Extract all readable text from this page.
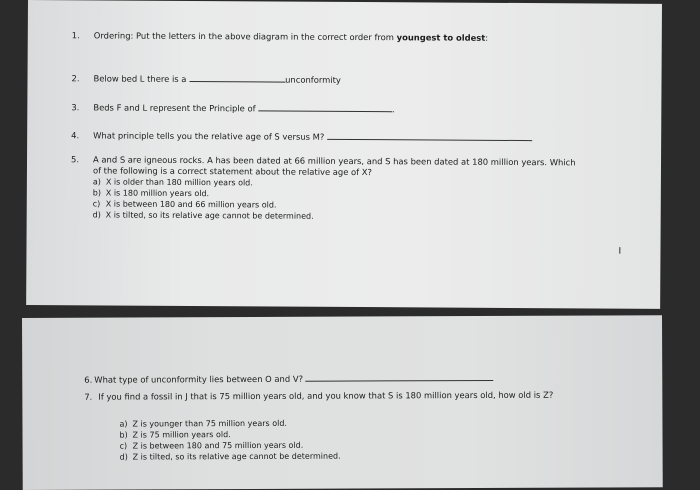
1. Ordering: Put the letters in the above diagram in the correct order from youngest to oldest:
2. Below bed L there is a	unconformity
3. Beds F and L represent the Principle of	.
4. What principle tells you the relative age of S versus M?
5. A and S are igneous rocks. A has been dated at 66 million years, and S has been dated at 180 million years. Which
of the following is a correct statement about the relative age of X?
a) X is older than 180 million years old.
b) X is 180 million years old.
c) X is between 180 and 66 million years old.
d) X is tilted, so its relative age cannot be determined.
I
6. What type of unconformity lies between O and V?
7. If you find a fossil in J that is 75 million years old, and you know that S is 180 million years old, how old is Z?
a) Z is younger than 75 million years old.
b) Z is 75 million years old.
c) Z is between 180 and 75 million years old.
d) Z is tilted, so its relative age cannot be determined.
